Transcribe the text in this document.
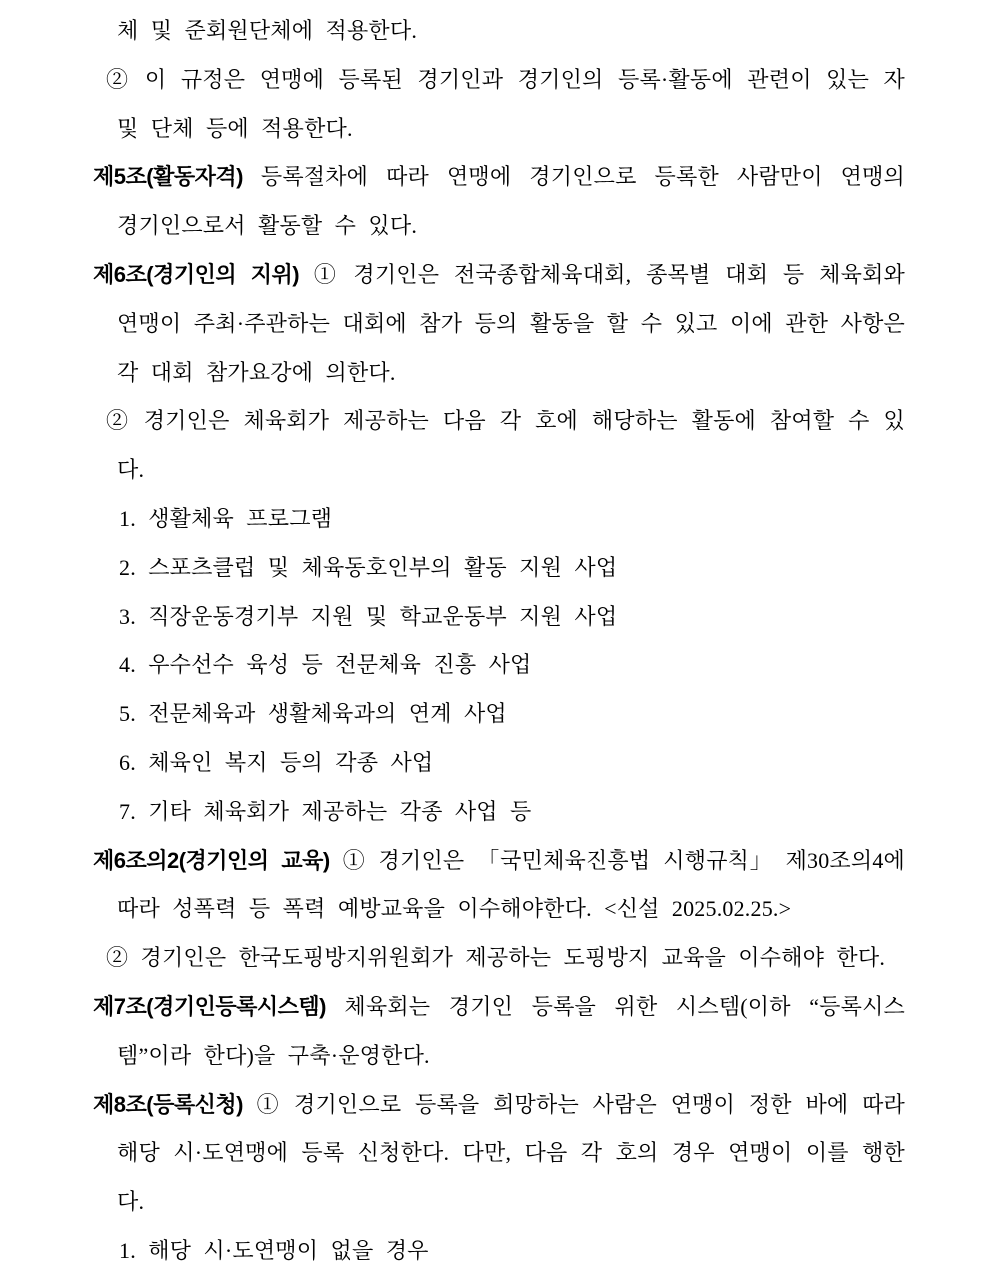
체 및 준회원단체에 적용한다.
② 이 규정은 연맹에 등록된 경기인과 경기인의 등록·활동에 관련이 있는 자
및 단체 등에 적용한다.
제5조(활동자격) 등록절차에 따라 연맹에 경기인으로 등록한 사람만이 연맹의
경기인으로서 활동할 수 있다.
제6조(경기인의 지위) ① 경기인은 전국종합체육대회, 종목별 대회 등 체육회와
연맹이 주최·주관하는 대회에 참가 등의 활동을 할 수 있고 이에 관한 사항은
각 대회 참가요강에 의한다.
② 경기인은 체육회가 제공하는 다음 각 호에 해당하는 활동에 참여할 수 있
다.
1. 생활체육 프로그램
2. 스포츠클럽 및 체육동호인부의 활동 지원 사업
3. 직장운동경기부 지원 및 학교운동부 지원 사업
4. 우수선수 육성 등 전문체육 진흥 사업
5. 전문체육과 생활체육과의 연계 사업
6. 체육인 복지 등의 각종 사업
7. 기타 체육회가 제공하는 각종 사업 등
제6조의2(경기인의 교육) ① 경기인은 「국민체육진흥법 시행규칙」 제30조의4에
따라 성폭력 등 폭력 예방교육을 이수해야한다. <신설 2025.02.25.>
② 경기인은 한국도핑방지위원회가 제공하는 도핑방지 교육을 이수해야 한다.
제7조(경기인등록시스템) 체육회는 경기인 등록을 위한 시스템(이하 “등록시스
템”이라 한다)을 구축·운영한다.
제8조(등록신청) ① 경기인으로 등록을 희망하는 사람은 연맹이 정한 바에 따라
해당 시·도연맹에 등록 신청한다. 다만, 다음 각 호의 경우 연맹이 이를 행한
다.
1. 해당 시·도연맹이 없을 경우
